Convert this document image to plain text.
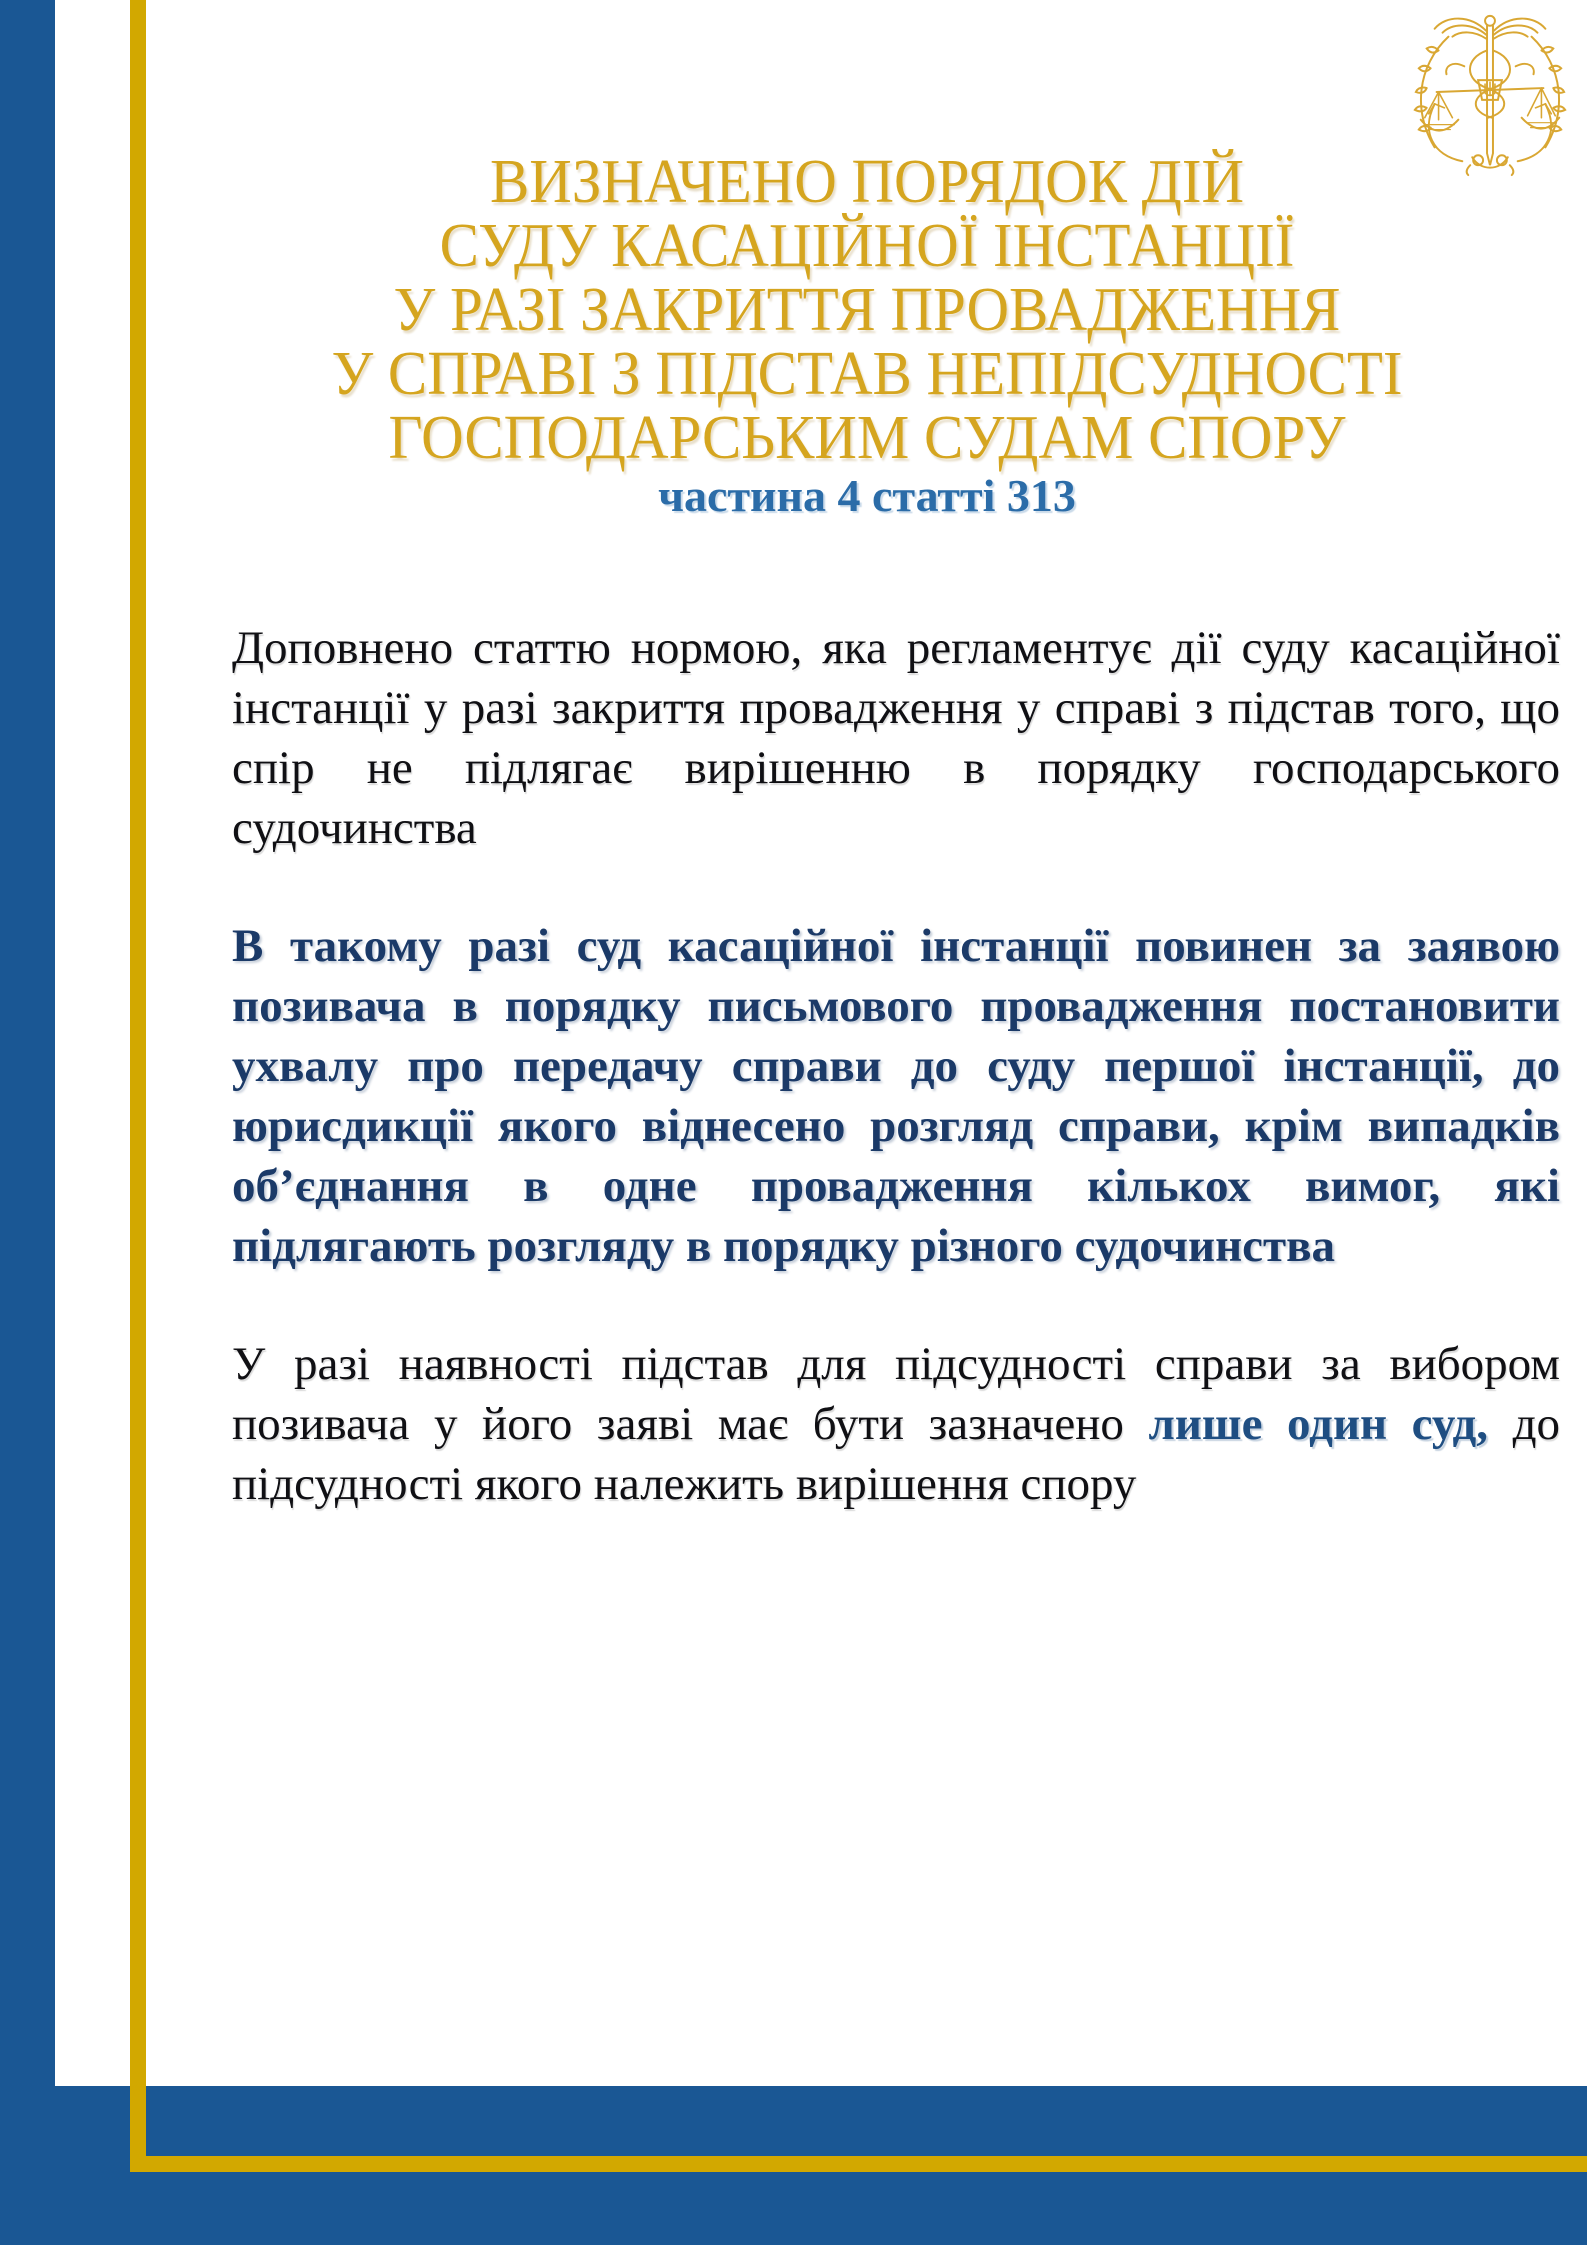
ВИЗНАЧЕНО ПОРЯДОК ДІЙ
СУДУ КАСАЦІЙНОЇ ІНСТАНЦІЇ
У РАЗІ ЗАКРИТТЯ ПРОВАДЖЕННЯ
У СПРАВІ З ПІДСТАВ НЕПІДСУДНОСТІ
ГОСПОДАРСЬКИМ СУДАМ СПОРУ
частина 4 статті 313

Доповнено статтю нормою, яка регламентує дії суду касаційної інстанції у разі закриття провадження у справі з підстав того, що спір не підлягає вирішенню в порядку господарського судочинства

В такому разі суд касаційної інстанції повинен за заявою позивача в порядку письмового провадження постановити ухвалу про передачу справи до суду першої інстанції, до юрисдикції якого віднесено розгляд справи, крім випадків об’єднання в одне провадження кількох вимог, які підлягають розгляду в порядку різного судочинства

У разі наявності підстав для підсудності справи за вибором позивача у його заяві має бути зазначено лише один суд, до підсудності якого належить вирішення спору
